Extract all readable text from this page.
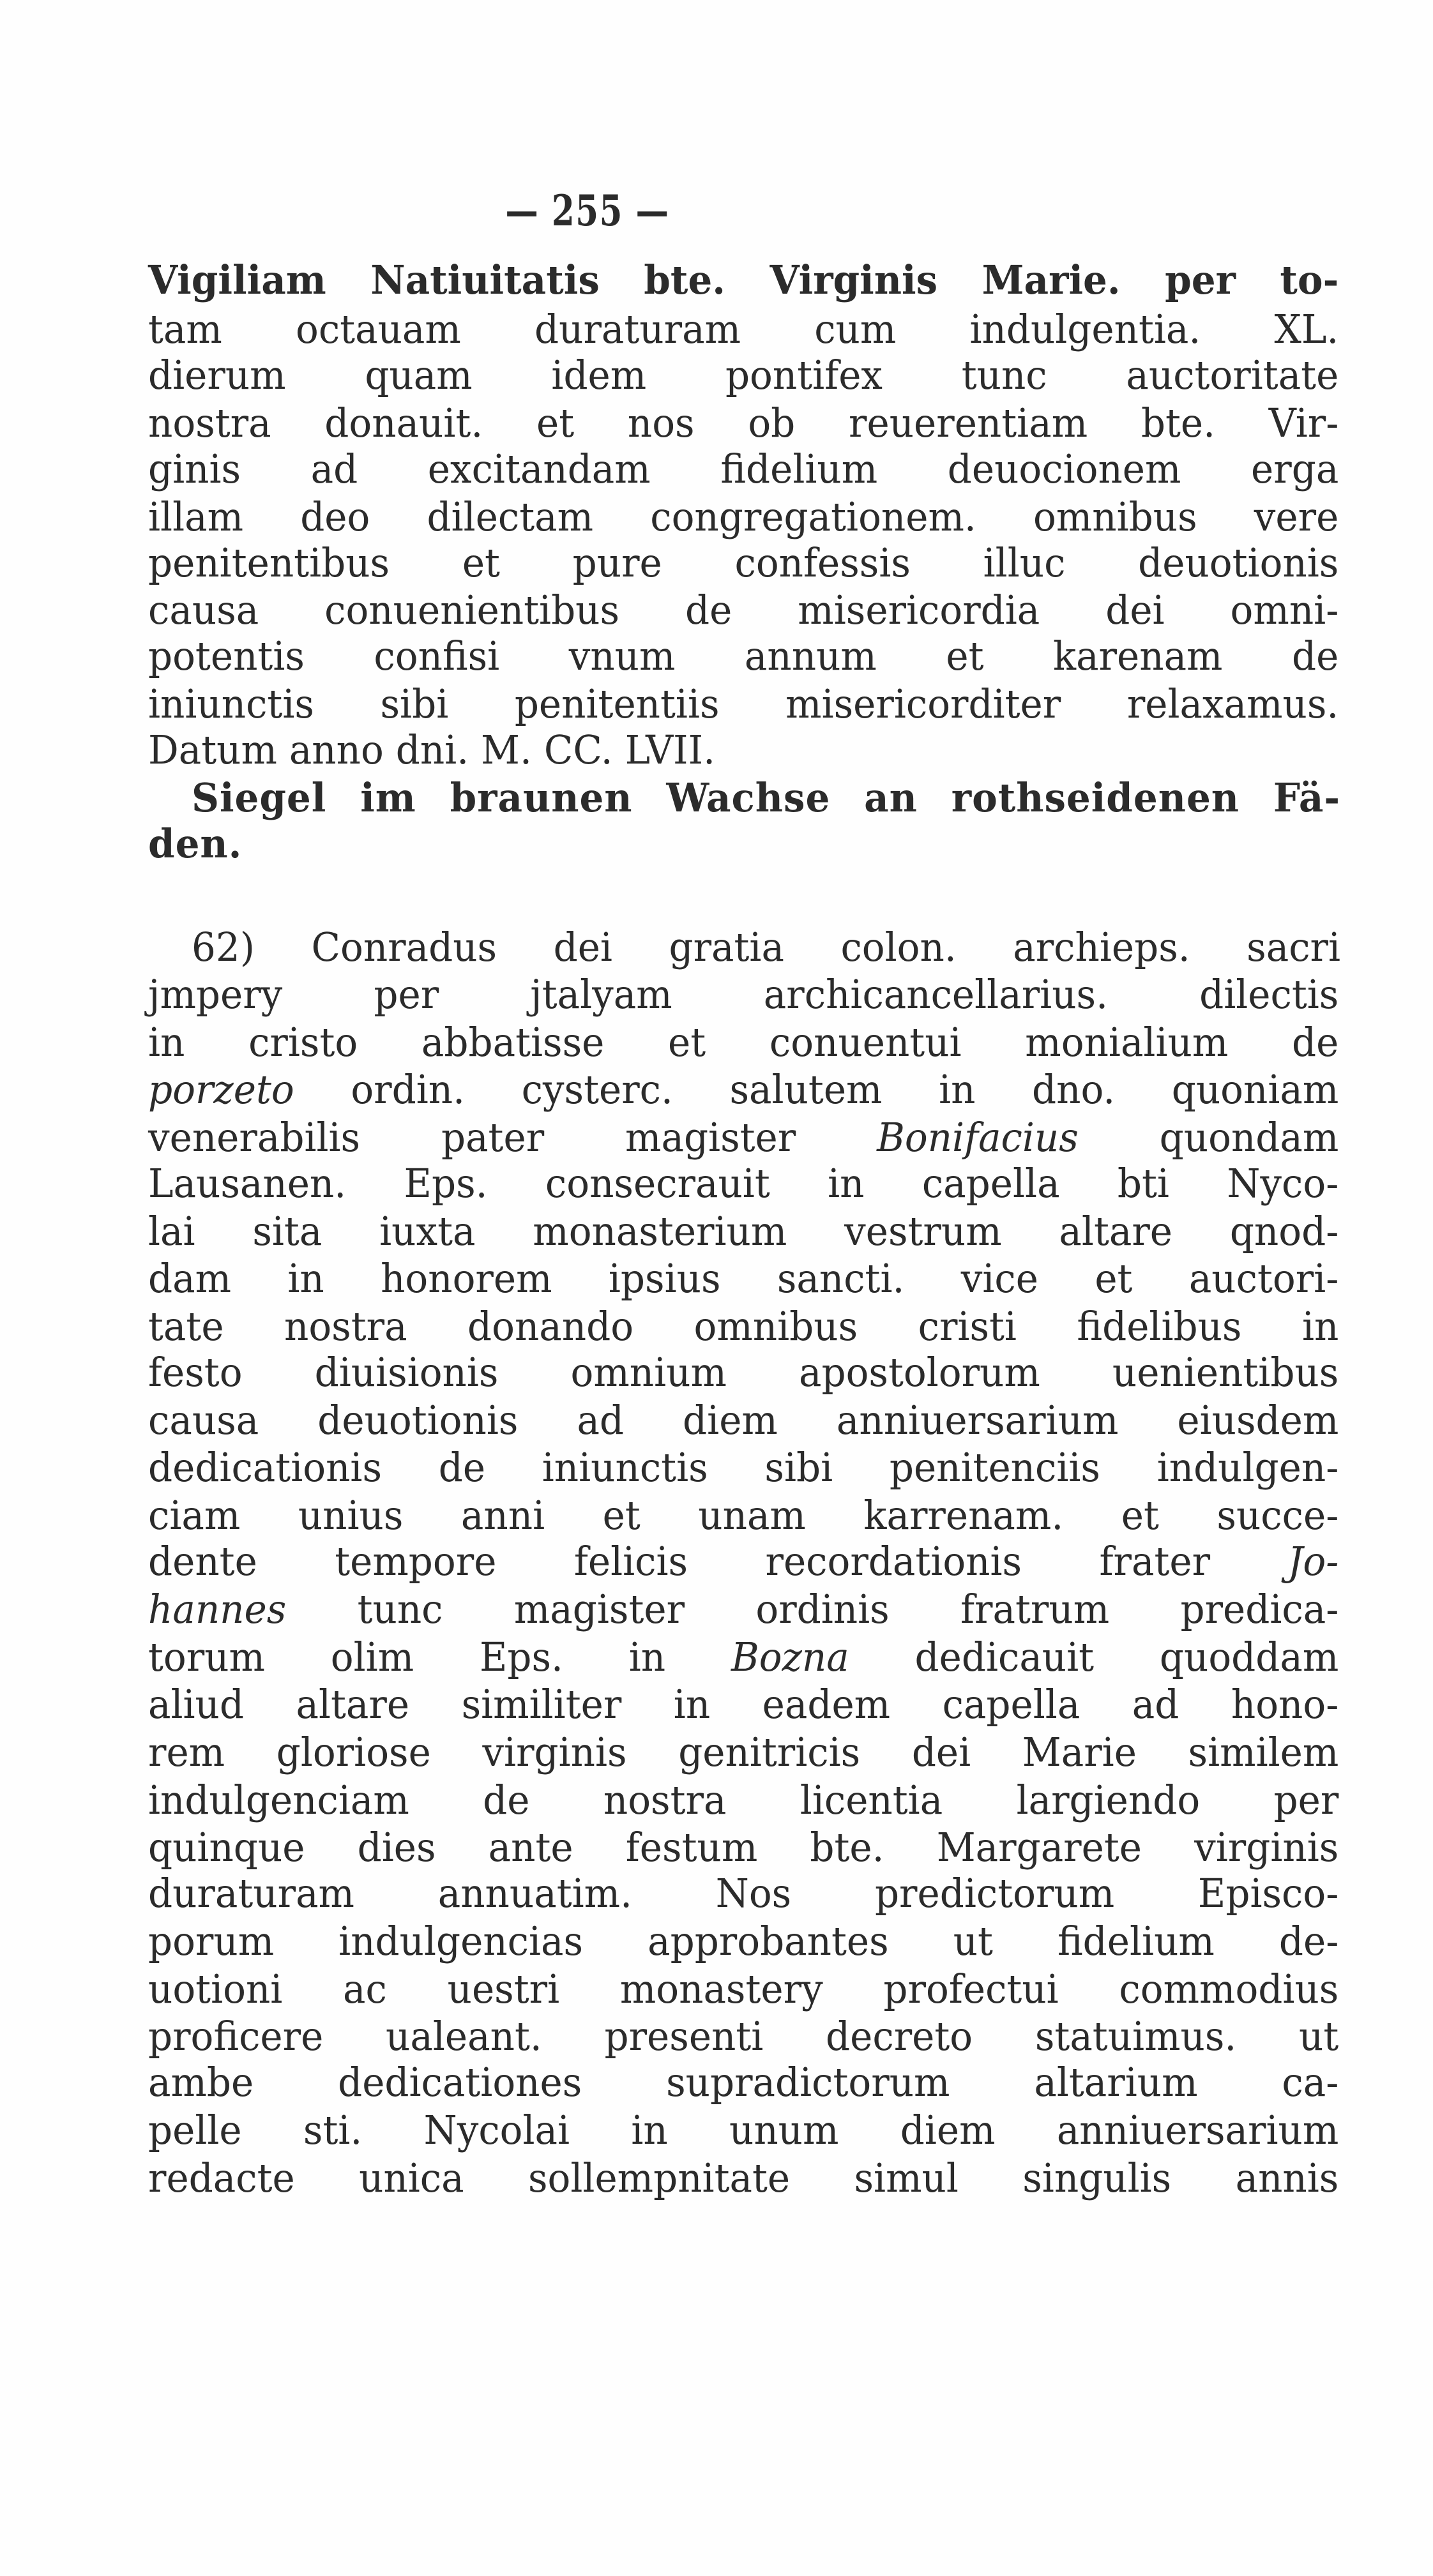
— 255 —
Vigiliam Natiuitatis bte. Virginis Marie. per to-
tam octauam duraturam cum indulgentia. XL.
dierum quam idem pontifex tunc auctoritate
nostra donauit. et nos ob reuerentiam bte. Vir-
ginis ad excitandam fidelium deuocionem erga
illam deo dilectam congregationem. omnibus vere
penitentibus et pure confessis illuc deuotionis
causa conuenientibus de misericordia dei omni-
potentis confisi vnum annum et karenam de
iniunctis sibi penitentiis misericorditer relaxamus.
Datum anno dni. M. CC. LVII.
Siegel im braunen Wachse an rothseidenen Fä-
den.
62) Conradus dei gratia colon. archieps. sacri
jmpery per jtalyam archicancellarius. dilectis
in cristo abbatisse et conuentui monialium de
porzeto ordin. cysterc. salutem in dno. quoniam
venerabilis pater magister Bonifacius quondam
Lausanen. Eps. consecrauit in capella bti Nyco-
lai sita iuxta monasterium vestrum altare qnod-
dam in honorem ipsius sancti. vice et auctori-
tate nostra donando omnibus cristi fidelibus in
festo diuisionis omnium apostolorum uenientibus
causa deuotionis ad diem anniuersarium eiusdem
dedicationis de iniunctis sibi penitenciis indulgen-
ciam unius anni et unam karrenam. et succe-
dente tempore felicis recordationis frater Jo-
hannes tunc magister ordinis fratrum predica-
torum olim Eps. in Bozna dedicauit quoddam
aliud altare similiter in eadem capella ad hono-
rem gloriose virginis genitricis dei Marie similem
indulgenciam de nostra licentia largiendo per
quinque dies ante festum bte. Margarete virginis
duraturam annuatim. Nos predictorum Episco-
porum indulgencias approbantes ut fidelium de-
uotioni ac uestri monastery profectui commodius
proficere ualeant. presenti decreto statuimus. ut
ambe dedicationes supradictorum altarium ca-
pelle sti. Nycolai in unum diem anniuersarium
redacte unica sollempnitate simul singulis annis
